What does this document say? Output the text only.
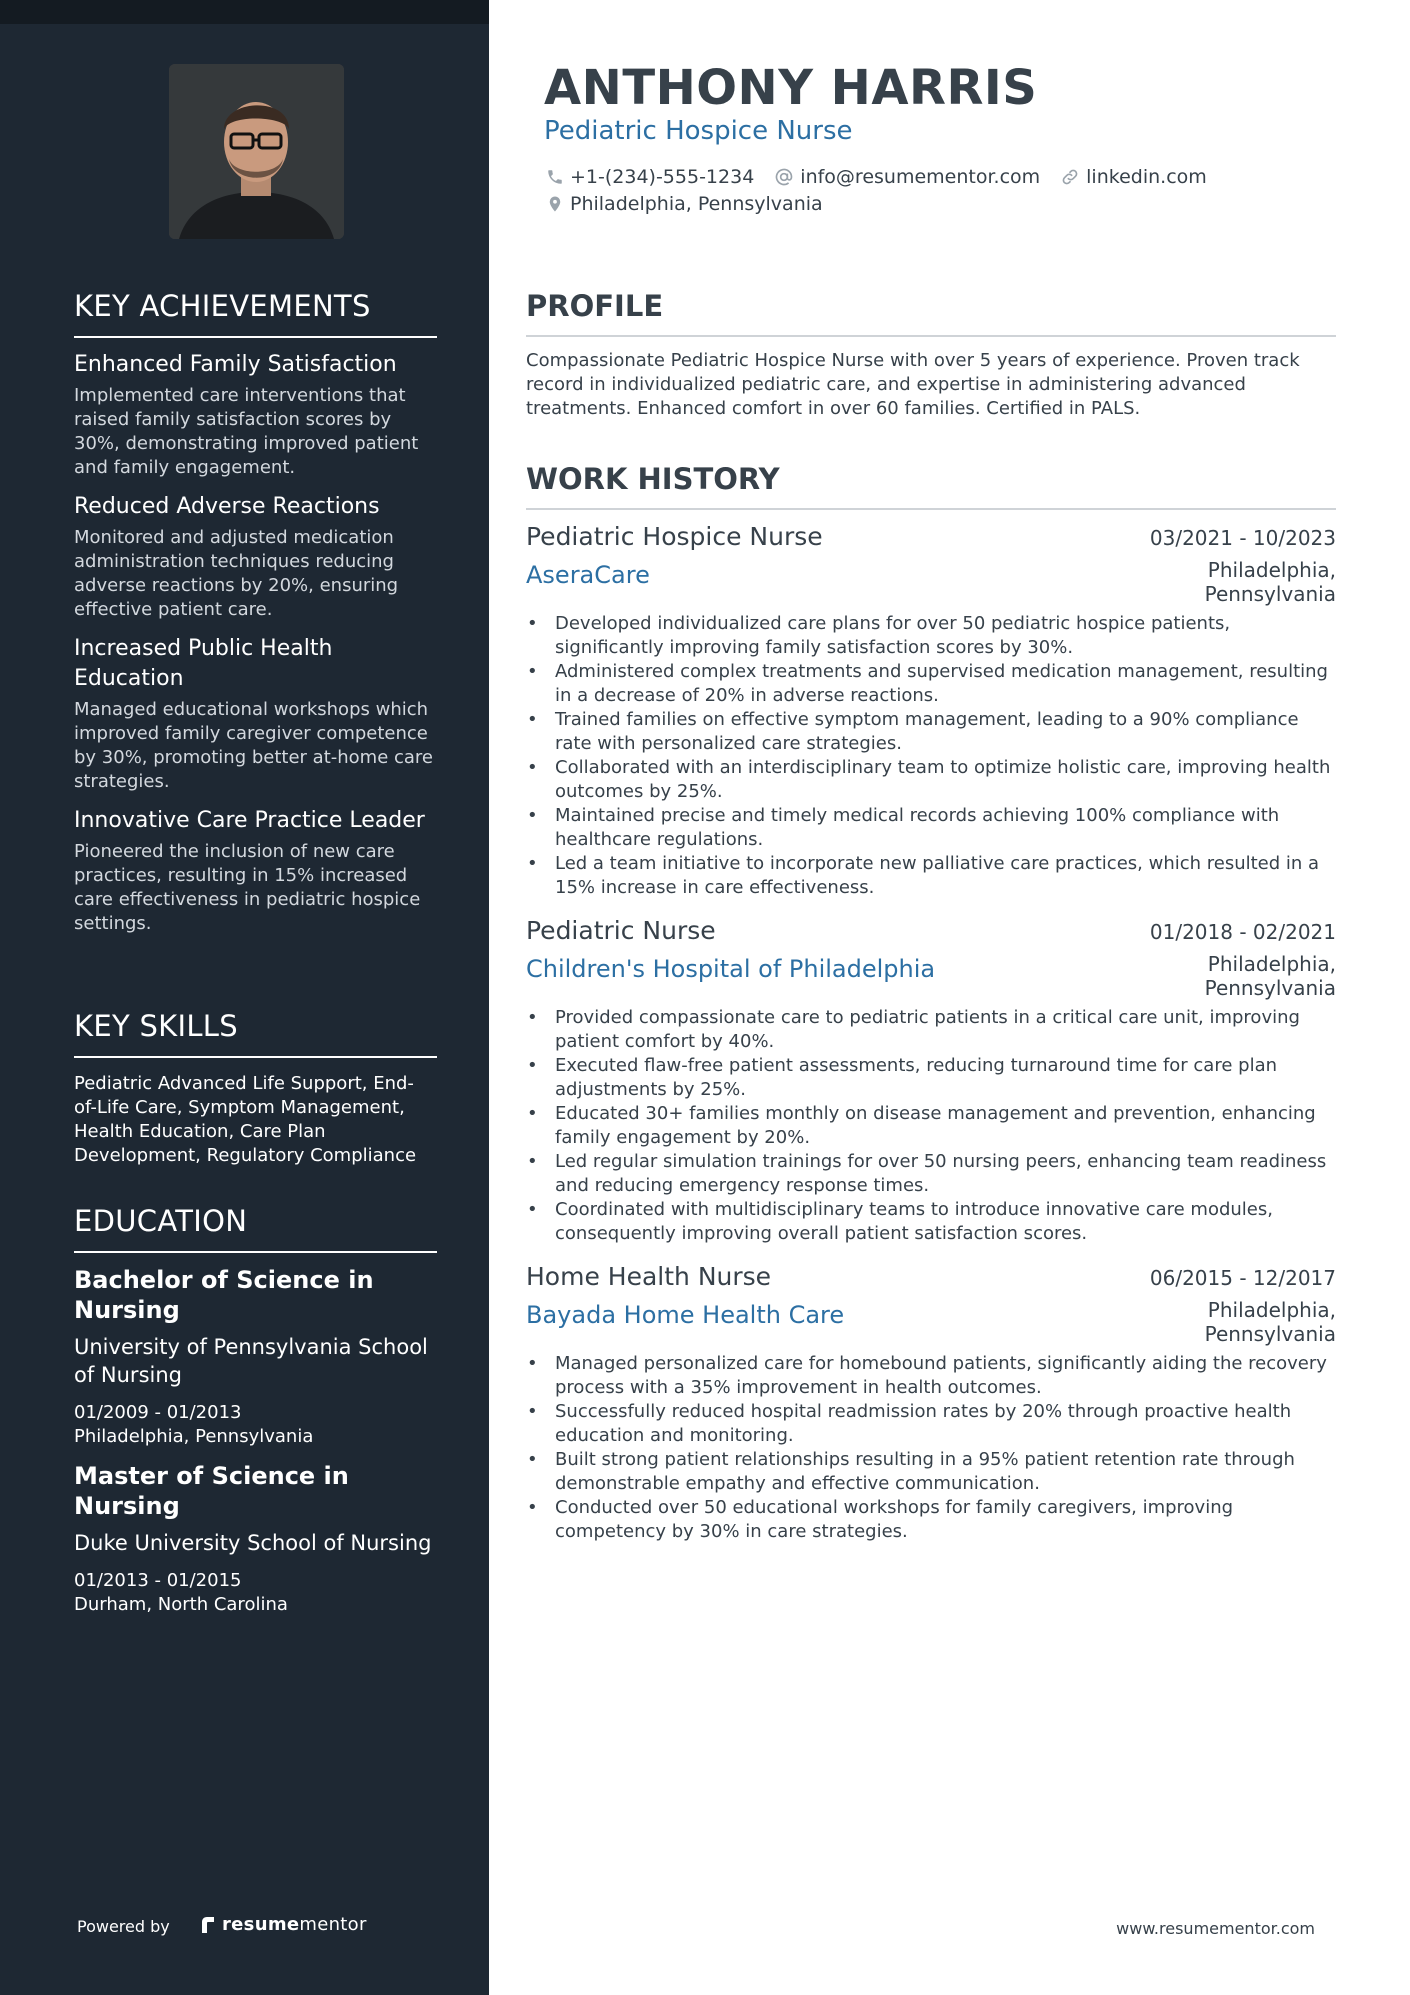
KEY ACHIEVEMENTS
Enhanced Family Satisfaction
Implemented care interventions that raised family satisfaction scores by 30%, demonstrating improved patient and family engagement.
Reduced Adverse Reactions
Monitored and adjusted medication administration techniques reducing adverse reactions by 20%, ensuring effective patient care.
Increased Public Health Education
Managed educational workshops which improved family caregiver competence by 30%, promoting better at-home care strategies.
Innovative Care Practice Leader
Pioneered the inclusion of new care practices, resulting in 15% increased care effectiveness in pediatric hospice settings.
KEY SKILLS
Pediatric Advanced Life Support, End-of-Life Care, Symptom Management, Health Education, Care Plan Development, Regulatory Compliance
EDUCATION
Bachelor of Science in Nursing
University of Pennsylvania School of Nursing
01/2009 - 01/2013
Philadelphia, Pennsylvania
Master of Science in Nursing
Duke University School of Nursing
01/2013 - 01/2015
Durham, North Carolina
Powered by	resume mentor
ANTHONY HARRIS
Pediatric Hospice Nurse
+1-(234)-555-1234 info@resumementor.com linkedin.com
Philadelphia, Pennsylvania
PROFILE

Compassionate Pediatric Hospice Nurse with over 5 years of experience. Proven track record in individualized pediatric care, and expertise in administering advanced treatments. Enhanced comfort in over 60 families. Certified in PALS.

WORK HISTORY
Pediatric Hospice Nurse	03/2021 - 10/2023
AseraCare	Philadelphia,
Pennsylvania
• Developed individualized care plans for over 50 pediatric hospice patients, significantly improving family satisfaction scores by 30%.
• Administered complex treatments and supervised medication management, resulting in a decrease of 20% in adverse reactions.
• Trained families on effective symptom management, leading to a 90% compliance rate with personalized care strategies.
• Collaborated with an interdisciplinary team to optimize holistic care, improving health outcomes by 25%.
• Maintained precise and timely medical records achieving 100% compliance with healthcare regulations.
• Led a team initiative to incorporate new palliative care practices, which resulted in a 15% increase in care effectiveness.
Pediatric Nurse	01/2018 - 02/2021
Children's Hospital of Philadelphia	Philadelphia,
Pennsylvania
• Provided compassionate care to pediatric patients in a critical care unit, improving patient comfort by 40%.
• Executed flaw-free patient assessments, reducing turnaround time for care plan adjustments by 25%.
• Educated 30+ families monthly on disease management and prevention, enhancing family engagement by 20%.
• Led regular simulation trainings for over 50 nursing peers, enhancing team readiness and reducing emergency response times.
• Coordinated with multidisciplinary teams to introduce innovative care modules, consequently improving overall patient satisfaction scores.
Home Health Nurse	06/2015 - 12/2017
Bayada Home Health Care	Philadelphia,
Pennsylvania
• Managed personalized care for homebound patients, significantly aiding the recovery process with a 35% improvement in health outcomes.
• Successfully reduced hospital readmission rates by 20% through proactive health education and monitoring.
• Built strong patient relationships resulting in a 95% patient retention rate through demonstrable empathy and effective communication.
• Conducted over 50 educational workshops for family caregivers, improving competency by 30% in care strategies.
www.resumementor.com
